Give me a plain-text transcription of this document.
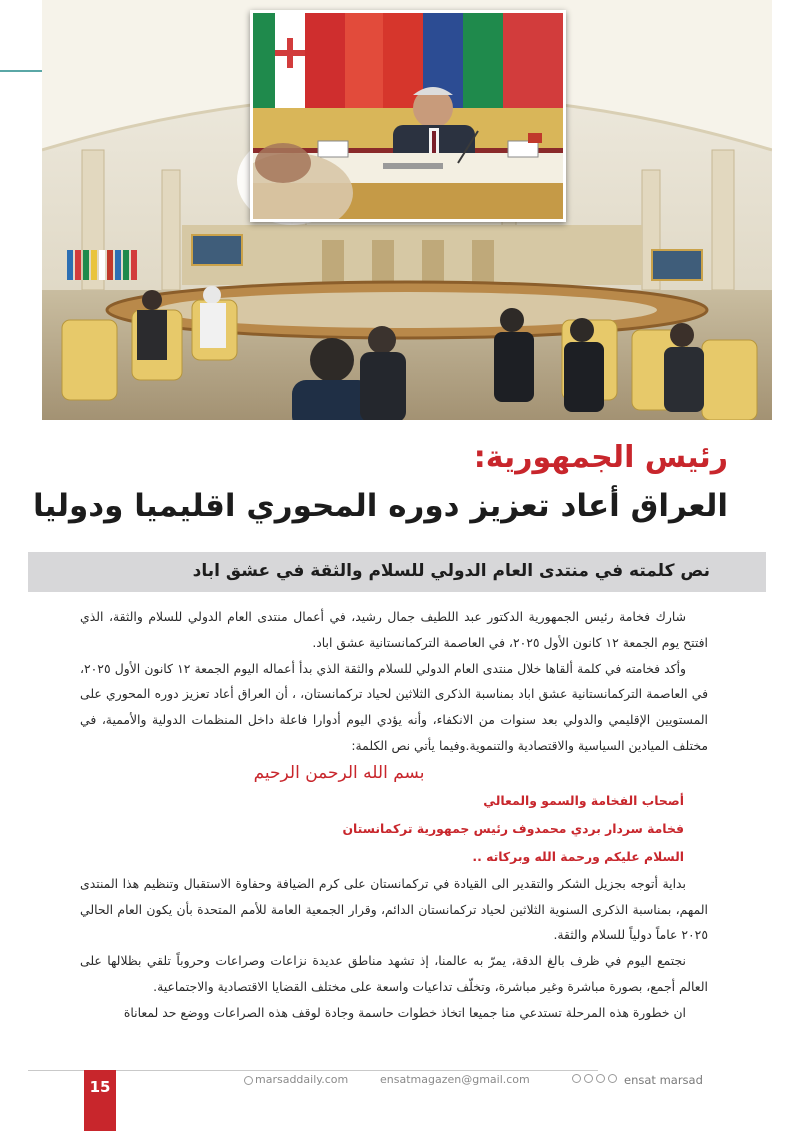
رئيس الجمهورية:
العراق أعاد تعزيز دوره المحوري اقليميا ودوليا
نص كلمته في منتدى العام الدولي للسلام والثقة في عشق اباد

شارك فخامة رئيس الجمهورية الدكتور عبد اللطيف جمال رشيد، في أعمال منتدى العام الدولي للسلام والثقة، الذي افتتح يوم الجمعة ١٢ كانون الأول ٢٠٢٥، في العاصمة التركمانستانية عشق اباد.

وأكد فخامته في كلمة ألقاها خلال منتدى العام الدولي للسلام والثقة الذي بدأ أعماله اليوم الجمعة ١٢ كانون الأول ٢٠٢٥، في العاصمة التركمانستانية عشق اباد بمناسبة الذكرى الثلاثين لحياد تركمانستان، ، أن العراق أعاد تعزيز دوره المحوري على المستويين الإقليمي والدولي بعد سنوات من الانكفاء، وأنه يؤدي اليوم أدوارا فاعلة داخل المنظمات الدولية والأممية، في مختلف الميادين السياسية والاقتصادية والتنموية.وفيما يأتي نص الكلمة:

بسم الله الرحمن الرحيم

أصحاب الفخامة والسمو والمعالي

فخامة سردار بردي محمدوف رئيس جمهورية تركمانستان

السلام عليكم ورحمة الله وبركاته ..

بداية أتوجه بجزيل الشكر والتقدير الى القيادة في تركمانستان على كرم الضيافة وحفاوة الاستقبال وتنظيم هذا المنتدى المهم، بمناسبة الذكرى السنوية الثلاثين لحياد تركمانستان الدائم، وقرار الجمعية العامة للأمم المتحدة بأن يكون العام الحالي ٢٠٢٥ عاماً دولياً للسلام والثقة.

نجتمع اليوم في ظرف بالغ الدقة، يمرّ به عالمنا، إذ تشهد مناطق عديدة نزاعات وصراعات وحروباً تلقي بظلالها على العالم أجمع، بصورة مباشرة وغير مباشرة، وتخلّف تداعيات واسعة على مختلف القضايا الاقتصادية والاجتماعية.

ان خطورة هذه المرحلة تستدعي منا جميعا اتخاذ خطوات حاسمة وجادة لوقف هذه الصراعات ووضع حد لمعاناة

15	marsaddaily.com	ensatmagazen@gmail.com	ensat marsad
